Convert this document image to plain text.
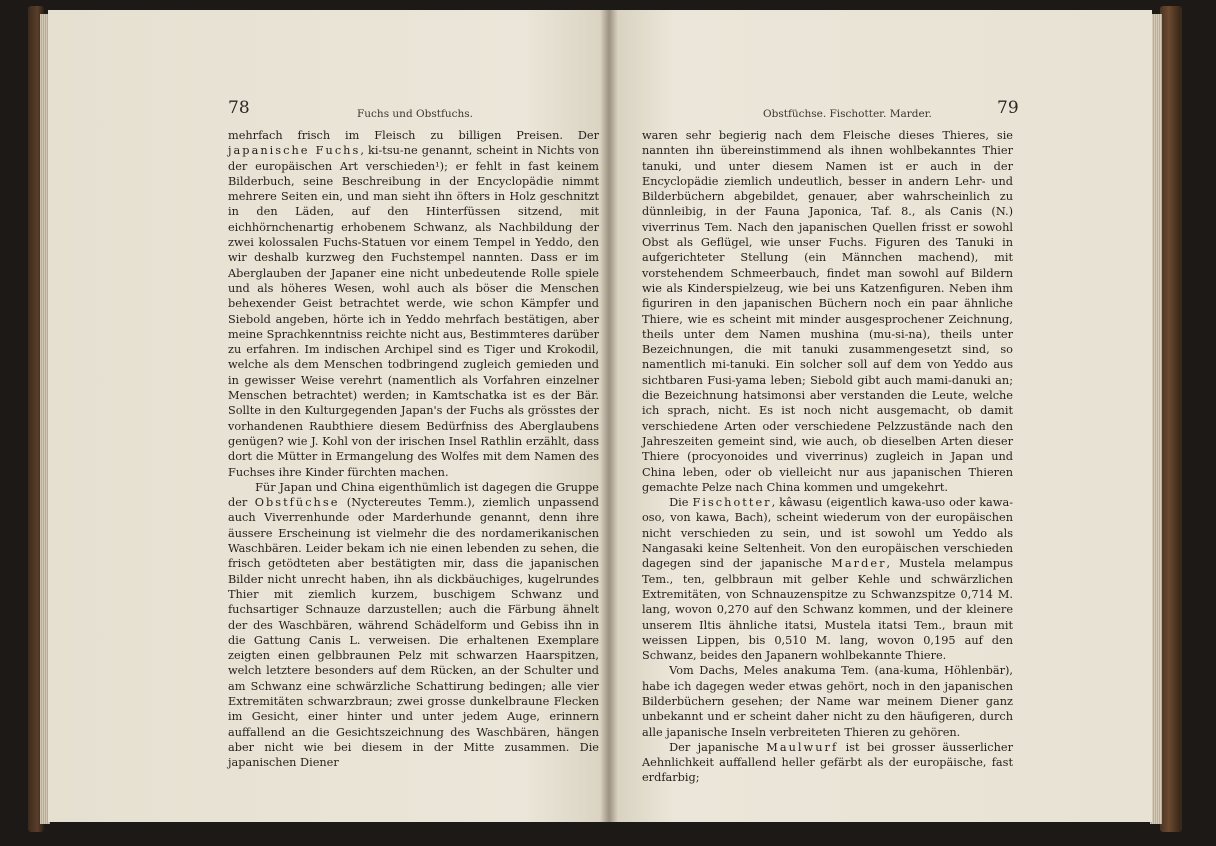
78	Fuchs und Obstfuchs.

mehrfach frisch im Fleisch zu billigen Preisen. Der japanische Fuchs, ki-tsu-ne genannt, scheint in Nichts von der europäischen Art verschieden¹); er fehlt in fast keinem Bilderbuch, seine Beschreibung in der Encyclopädie nimmt mehrere Seiten ein, und man sieht ihn öfters in Holz geschnitzt in den Läden, auf den Hinterfüssen sitzend, mit eichhörnchenartig erhobenem Schwanz, als Nachbildung der zwei kolossalen Fuchs-Statuen vor einem Tempel in Yeddo, den wir deshalb kurzweg den Fuchstempel nannten. Dass er im Aberglauben der Japaner eine nicht unbedeutende Rolle spiele und als höheres Wesen, wohl auch als böser die Menschen behexender Geist betrachtet werde, wie schon Kämpfer und Siebold angeben, hörte ich in Yeddo mehrfach bestätigen, aber meine Sprachkenntniss reichte nicht aus, Bestimmteres darüber zu erfahren. Im indischen Archipel sind es Tiger und Krokodil, welche als dem Menschen todbringend zugleich gemieden und in gewisser Weise verehrt (namentlich als Vorfahren einzelner Menschen betrachtet) werden; in Kamtschatka ist es der Bär. Sollte in den Kulturgegenden Japan's der Fuchs als grösstes der vorhandenen Raubthiere diesem Bedürfniss des Aberglaubens genügen? wie J. Kohl von der irischen Insel Rathlin erzählt, dass dort die Mütter in Ermangelung des Wolfes mit dem Namen des Fuchses ihre Kinder fürchten machen.

Für Japan und China eigenthümlich ist dagegen die Gruppe der Obstfüchse (Nyctereutes Temm.), ziemlich unpassend auch Viverrenhunde oder Marderhunde genannt, denn ihre äussere Erscheinung ist vielmehr die des nordamerikanischen Waschbären. Leider bekam ich nie einen lebenden zu sehen, die frisch getödteten aber bestätigten mir, dass die japanischen Bilder nicht unrecht haben, ihn als dickbäuchiges, kugelrundes Thier mit ziemlich kurzem, buschigem Schwanz und fuchsartiger Schnauze darzustellen; auch die Färbung ähnelt der des Waschbären, während Schädelform und Gebiss ihn in die Gattung Canis L. verweisen. Die erhaltenen Exemplare zeigten einen gelbbraunen Pelz mit schwarzen Haarspitzen, welch letztere besonders auf dem Rücken, an der Schulter und am Schwanz eine schwärzliche Schattirung bedingen; alle vier Extremitäten schwarzbraun; zwei grosse dunkelbraune Flecken im Gesicht, einer hinter und unter jedem Auge, erinnern auffallend an die Gesichtszeichnung des Waschbären, hängen aber nicht wie bei diesem in der Mitte zusammen. Die japanischen Diener

Obstfüchse. Fischotter. Marder.	79

waren sehr begierig nach dem Fleische dieses Thieres, sie nannten ihn übereinstimmend als ihnen wohlbekanntes Thier tanuki, und unter diesem Namen ist er auch in der Encyclopädie ziemlich undeutlich, besser in andern Lehr- und Bilderbüchern abgebildet, genauer, aber wahrscheinlich zu dünnleibig, in der Fauna Japonica, Taf. 8., als Canis (N.) viverrinus Tem. Nach den japanischen Quellen frisst er sowohl Obst als Geflügel, wie unser Fuchs. Figuren des Tanuki in aufgerichteter Stellung (ein Männchen machend), mit vorstehendem Schmeerbauch, findet man sowohl auf Bildern wie als Kinderspielzeug, wie bei uns Katzenfiguren. Neben ihm figuriren in den japanischen Büchern noch ein paar ähnliche Thiere, wie es scheint mit minder ausgesprochener Zeichnung, theils unter dem Namen mushina (mu-si-na), theils unter Bezeichnungen, die mit tanuki zusammengesetzt sind, so namentlich mi-tanuki. Ein solcher soll auf dem von Yeddo aus sichtbaren Fusi-yama leben; Siebold gibt auch mami-danuki an; die Bezeichnung hatsimonsi aber verstanden die Leute, welche ich sprach, nicht. Es ist noch nicht ausgemacht, ob damit verschiedene Arten oder verschiedene Pelzzustände nach den Jahreszeiten gemeint sind, wie auch, ob dieselben Arten dieser Thiere (procyonoides und viverrinus) zugleich in Japan und China leben, oder ob vielleicht nur aus japanischen Thieren gemachte Pelze nach China kommen und umgekehrt.

Die Fischotter, kâwasu (eigentlich kawa-uso oder kawa-oso, von kawa, Bach), scheint wiederum von der europäischen nicht verschieden zu sein, und ist sowohl um Yeddo als Nangasaki keine Seltenheit. Von den europäischen verschieden dagegen sind der japanische Marder, Mustela melampus Tem., ten, gelbbraun mit gelber Kehle und schwärzlichen Extremitäten, von Schnauzenspitze zu Schwanzspitze 0,714 M. lang, wovon 0,270 auf den Schwanz kommen, und der kleinere unserem Iltis ähnliche itatsi, Mustela itatsi Tem., braun mit weissen Lippen, bis 0,510 M. lang, wovon 0,195 auf den Schwanz, beides den Japanern wohlbekannte Thiere.

Vom Dachs, Meles anakuma Tem. (ana-kuma, Höhlenbär), habe ich dagegen weder etwas gehört, noch in den japanischen Bilderbüchern gesehen; der Name war meinem Diener ganz unbekannt und er scheint daher nicht zu den häufigeren, durch alle japanische Inseln verbreiteten Thieren zu gehören.

Der japanische Maulwurf ist bei grosser äusserlicher Aehnlichkeit auffallend heller gefärbt als der europäische, fast erdfarbig;
